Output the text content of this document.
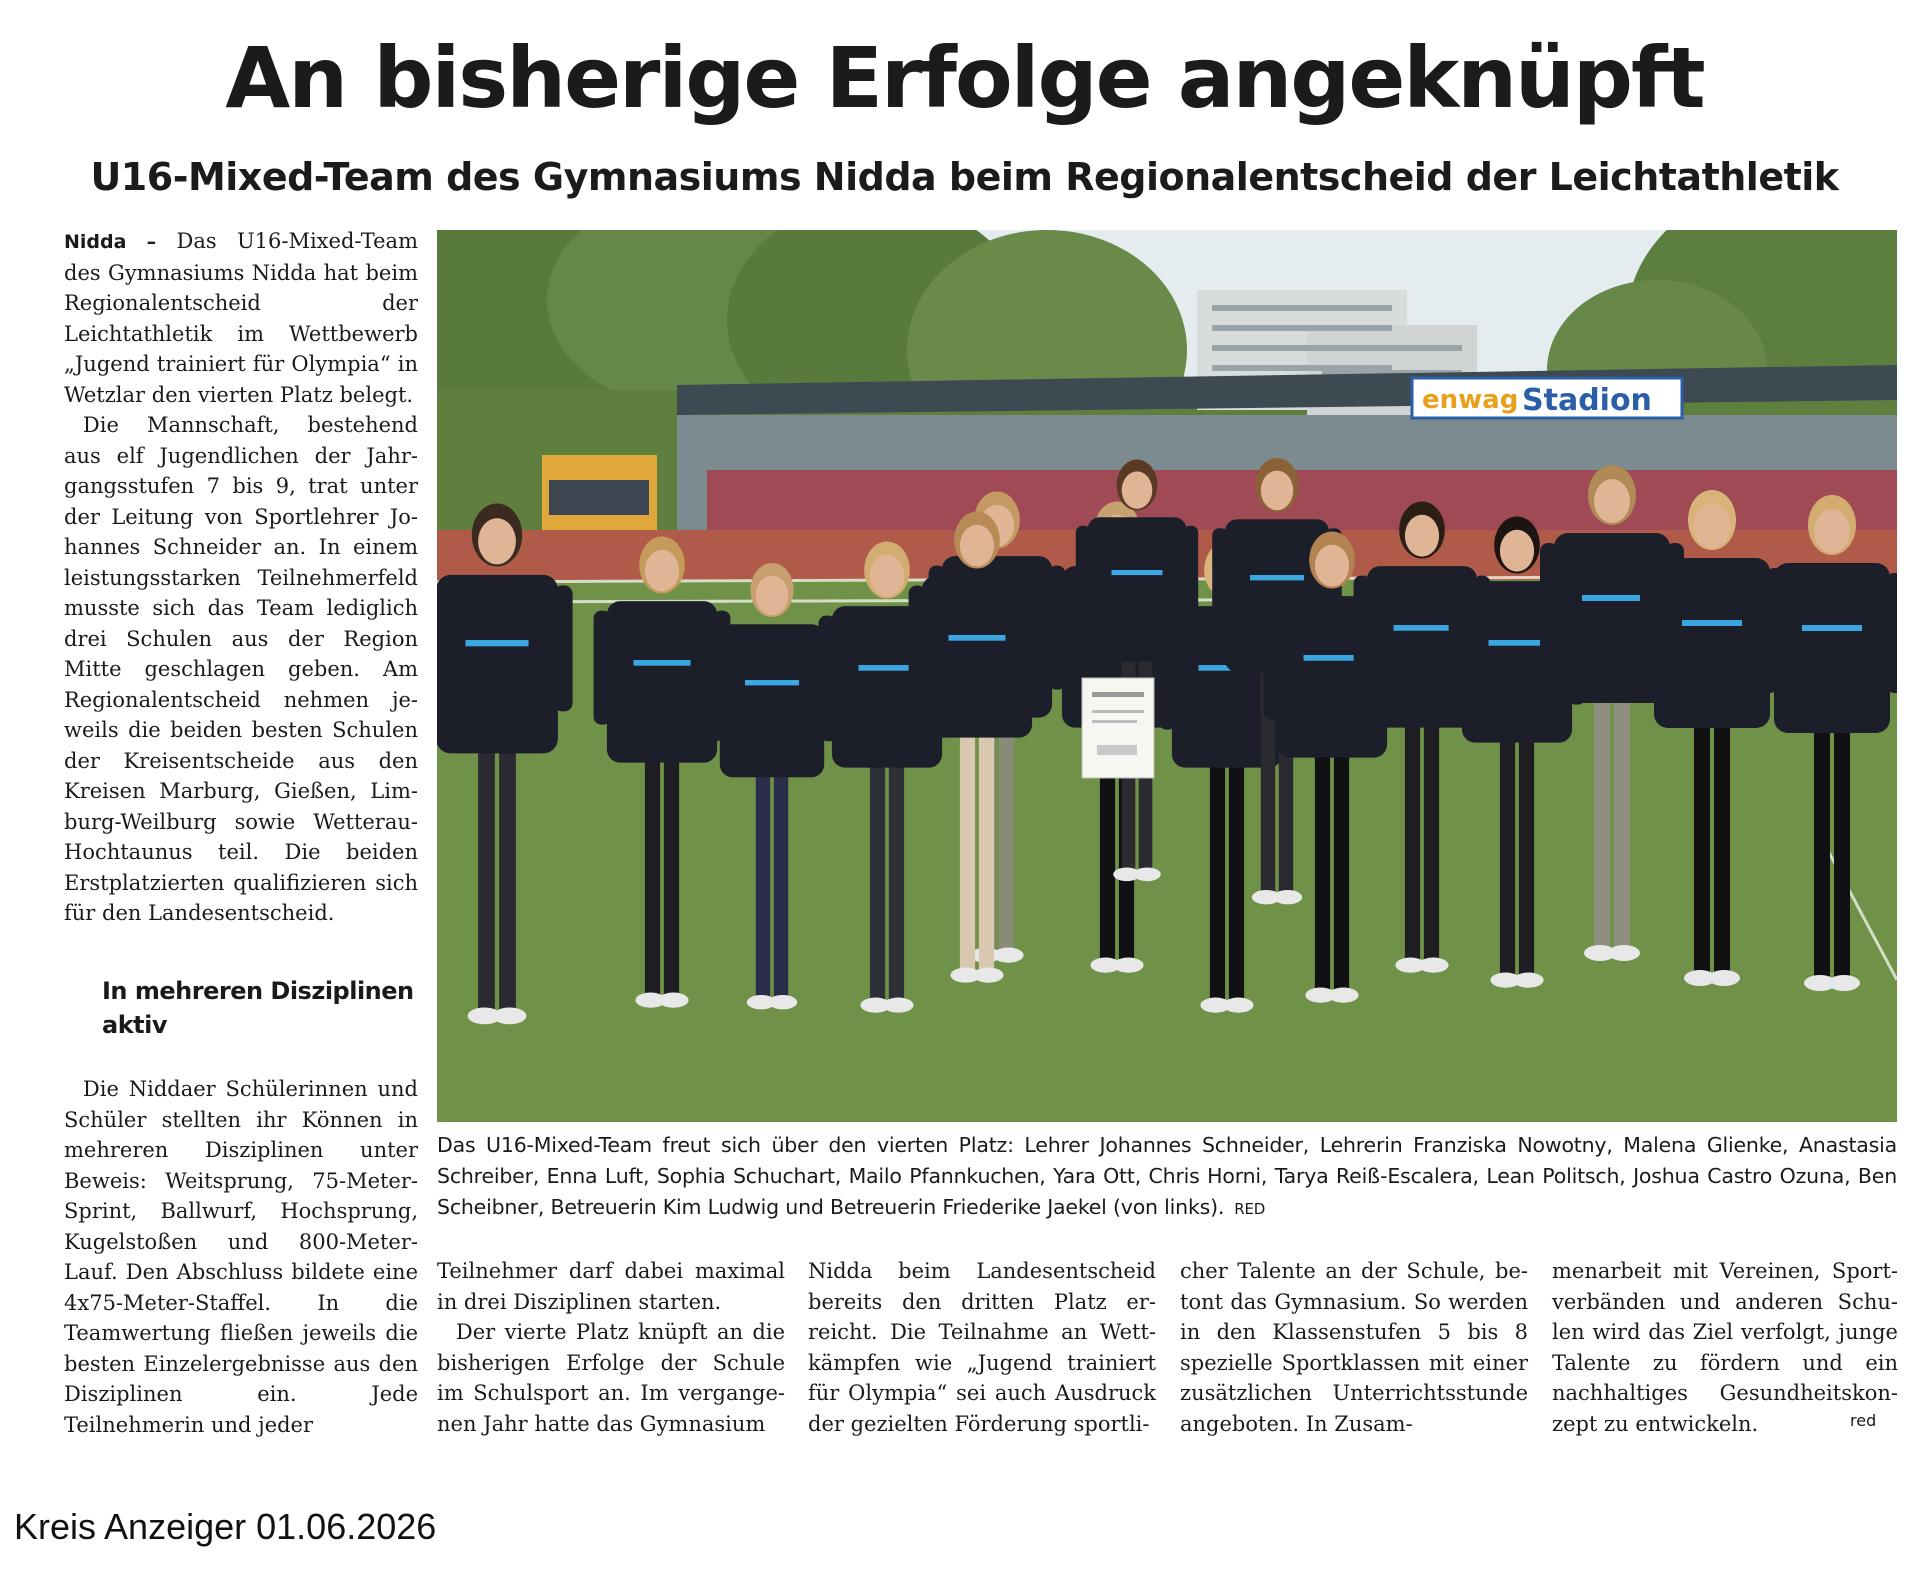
An bisherige Erfolge angeknüpft
U16-Mixed-Team des Gymnasiums Nidda beim Regionalentscheid der Leichtathletik

Nidda – Das U16-Mixed-Team des Gymnasiums Nidda hat beim Regionalentscheid der Leichtathletik im Wettbewerb „Jugend trainiert für Olympia“ in Wetzlar den vierten Platz belegt.

Die Mannschaft, bestehend aus elf Jugendlichen der Jahrgangsstufen 7 bis 9, trat unter der Leitung von Sportlehrer Johannes Schneider an. In einem leistungsstarken Teilnehmerfeld musste sich das Team lediglich drei Schulen aus der Region Mitte geschlagen geben. Am Regionalentscheid nehmen jeweils die beiden besten Schulen der Kreisentscheide aus den Kreisen Marburg, Gießen, Limburg-Weilburg sowie Wetterau-Hochtaunus teil. Die beiden Erstplatzierten qualifizieren sich für den Landesentscheid.

In mehreren Disziplinen aktiv

Die Niddaer Schülerinnen und Schüler stellten ihr Können in mehreren Disziplinen unter Beweis: Weitsprung, 75-Meter-Sprint, Ballwurf, Hochsprung, Kugelstoßen und 800-Meter-Lauf. Den Abschluss bildete eine 4x75-Meter-Staffel. In die Teamwertung fließen jeweils die besten Einzelergebnisse aus den Disziplinen ein. Jede Teilnehmerin und jeder

enwag Stadion

Das U16-Mixed-Team freut sich über den vierten Platz: Lehrer Johannes Schneider, Lehrerin Franziska Nowotny, Malena Glienke, Anastasia Schreiber, Enna Luft, Sophia Schuchart, Mailo Pfannkuchen, Yara Ott, Chris Horni, Tarya Reiß-Escalera, Lean Politsch, Joshua Castro Ozuna, Ben Scheibner, Betreuerin Kim Ludwig und Betreuerin Friederike Jaekel (von links). RED

Teilnehmer darf dabei maximal in drei Disziplinen starten.

Der vierte Platz knüpft an die bisherigen Erfolge der Schule im Schulsport an. Im vergangenen Jahr hatte das Gymnasium

Nidda beim Landesentscheid bereits den dritten Platz erreicht. Die Teilnahme an Wettkämpfen wie „Jugend trainiert für Olympia“ sei auch Ausdruck der gezielten Förderung sportli-

cher Talente an der Schule, betont das Gymnasium. So werden in den Klassenstufen 5 bis 8 spezielle Sportklassen mit einer zusätzlichen Unterrichtsstunde angeboten. In Zusam-

menarbeit mit Vereinen, Sportverbänden und anderen Schulen wird das Ziel verfolgt, junge Talente zu fördern und ein nachhaltiges Gesundheitskonzept zu entwickeln.	red

Kreis Anzeiger 01.06.2026
